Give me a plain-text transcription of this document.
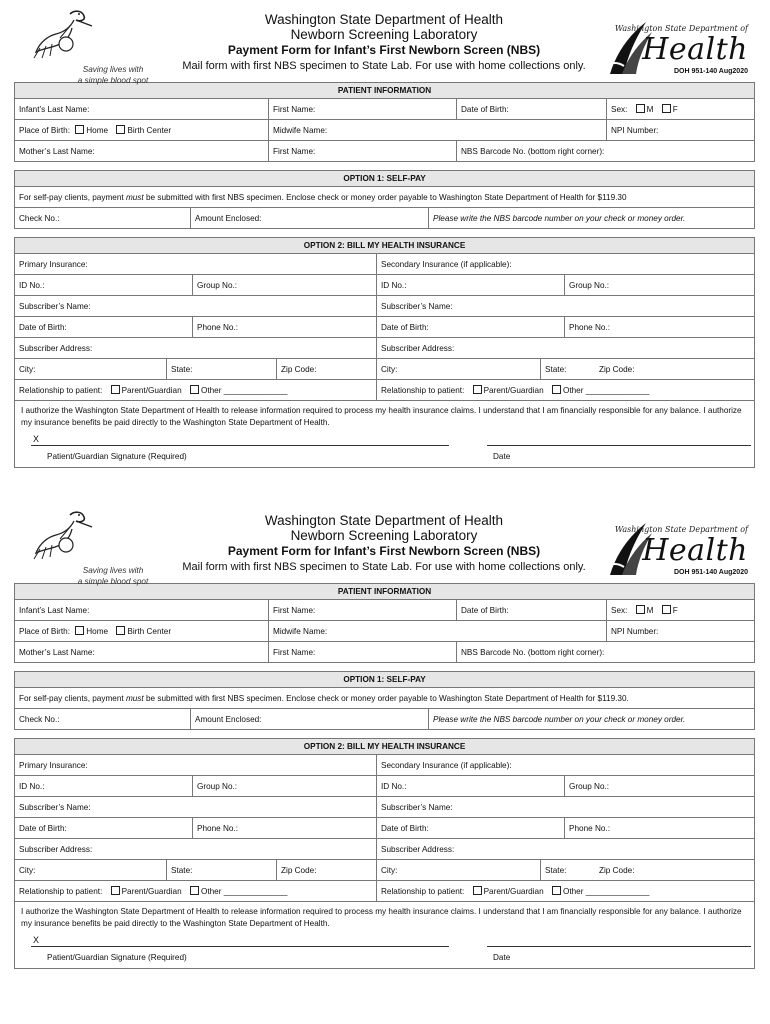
Saving lives with
a simple blood spot
Washington State Department of Health
Newborn Screening Laboratory
Payment Form for Infant’s First Newborn Screen (NBS)
Mail form with first NBS specimen to State Lab. For use with home collections only.
Washington State Department of
Health
DOH 951-140 Aug2020
PATIENT INFORMATION			
Infant’s Last Name:	First Name:	Date of Birth:	Sex: M F
Place of Birth: Home Birth Center	Midwife Name:		NPI Number:
Mother’s Last Name:	First Name:	NBS Barcode No. (bottom right corner):	
OPTION 1: SELF-PAY
For self-pay clients, payment must be submitted with first NBS specimen. Enclose check or money order payable to Washington State Department of Health for $119.30
Check No.:	Amount Enclosed:	Please write the NBS barcode number on your check or money order.
OPTION 2: BILL MY HEALTH INSURANCE						
Primary Insurance:				Secondary Insurance (if applicable):		
ID No.:		Group No.:		ID No.:		Group No.:
Subscriber’s Name:				Subscriber’s Name:		
Date of Birth:		Phone No.:		Date of Birth:		Phone No.:
Subscriber Address:				Subscriber Address:		
City:	State:		Zip Code:	City:	State: Zip Code:	
Relationship to patient: Parent/Guardian Other ______________				Relationship to patient: Parent/Guardian Other ______________		

I authorize the Washington State Department of Health to release information required to process my health insurance claims. I understand that I am financially responsible for any balance. I authorize my insurance benefits be paid directly to the Washington State Department of Health.
X
Patient/Guardian Signature (Required) Date						
Saving lives with
a simple blood spot
Washington State Department of Health
Newborn Screening Laboratory
Payment Form for Infant’s First Newborn Screen (NBS)
Mail form with first NBS specimen to State Lab. For use with home collections only.
Washington State Department of
Health
DOH 951-140 Aug2020
PATIENT INFORMATION			
Infant’s Last Name:	First Name:	Date of Birth:	Sex: M F
Place of Birth: Home Birth Center	Midwife Name:		NPI Number:
Mother’s Last Name:	First Name:	NBS Barcode No. (bottom right corner):	
OPTION 1: SELF-PAY
For self-pay clients, payment must be submitted with first NBS specimen. Enclose check or money order payable to Washington State Department of Health for $119.30.
Check No.:	Amount Enclosed:	Please write the NBS barcode number on your check or money order.
OPTION 2: BILL MY HEALTH INSURANCE						
Primary Insurance:				Secondary Insurance (if applicable):		
ID No.:		Group No.:		ID No.:		Group No.:
Subscriber’s Name:				Subscriber’s Name:		
Date of Birth:		Phone No.:		Date of Birth:		Phone No.:
Subscriber Address:				Subscriber Address:		
City:	State:		Zip Code:	City:	State: Zip Code:	
Relationship to patient: Parent/Guardian Other ______________				Relationship to patient: Parent/Guardian Other ______________		

I authorize the Washington State Department of Health to release information required to process my health insurance claims. I understand that I am financially responsible for any balance. I authorize my insurance benefits be paid directly to the Washington State Department of Health.
X
Patient/Guardian Signature (Required) Date						
